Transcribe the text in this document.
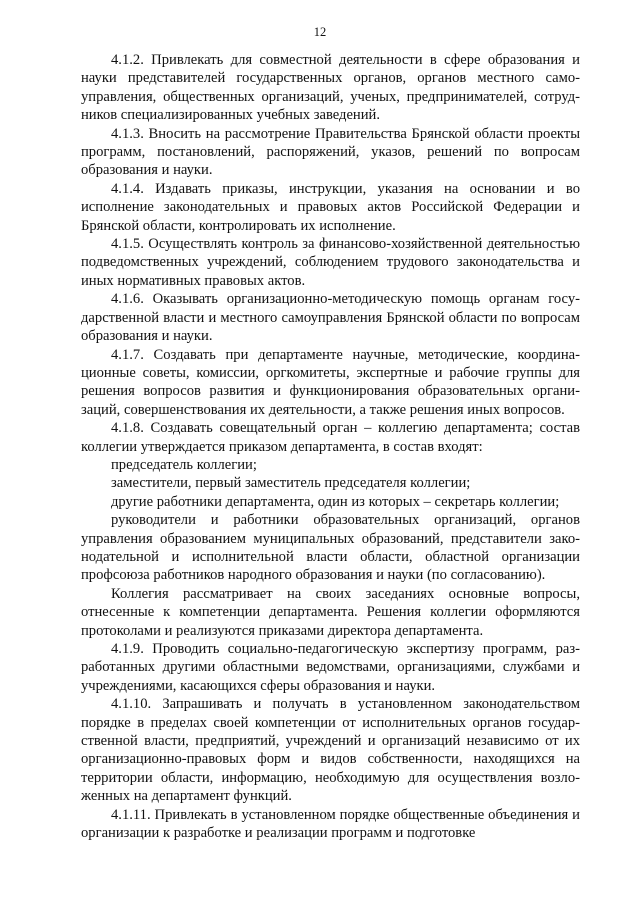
12

4.1.2. Привлекать для совместной деятельности в сфере образования и науки представителей государственных органов, органов местного самоуправления, общественных организаций, ученых, предпринимателей, сотрудников специализированных учебных заведений.

4.1.3. Вносить на рассмотрение Правительства Брянской области проекты программ, постановлений, распоряжений, указов, решений по вопросам образования и науки.

4.1.4. Издавать приказы, инструкции, указания на основании и во исполнение законодательных и правовых актов Российской Федерации и Брянской области, контролировать их исполнение.

4.1.5. Осуществлять контроль за финансово-хозяйственной деятельностью подведомственных учреждений, соблюдением трудового законодательства и иных нормативных правовых актов.

4.1.6. Оказывать организационно-методическую помощь органам государственной власти и местного самоуправления Брянской области по вопросам образования и науки.

4.1.7. Создавать при департаменте научные, методические, координационные советы, комиссии, оргкомитеты, экспертные и рабочие группы для решения вопросов развития и функционирования образовательных организаций, совершенствования их деятельности, а также решения иных вопросов.

4.1.8. Создавать совещательный орган – коллегию департамента; состав коллегии утверждается приказом департамента, в состав входят:

председатель коллегии;

заместители, первый заместитель председателя коллегии;

другие работники департамента, один из которых – секретарь коллегии;

руководители и работники образовательных организаций, органов управления образованием муниципальных образований, представители законодательной и исполнительной власти области, областной организации профсоюза работников народного образования и науки (по согласованию).

Коллегия рассматривает на своих заседаниях основные вопросы, отнесенные к компетенции департамента. Решения коллегии оформляются протоколами и реализуются приказами директора департамента.

4.1.9. Проводить социально-педагогическую экспертизу программ, разработанных другими областными ведомствами, организациями, службами и учреждениями, касающихся сферы образования и науки.

4.1.10. Запрашивать и получать в установленном законодательством порядке в пределах своей компетенции от исполнительных органов государственной власти, предприятий, учреждений и организаций независимо от их организационно-правовых форм и видов собственности, находящихся на территории области, информацию, необходимую для осуществления возложенных на департамент функций.

4.1.11. Привлекать в установленном порядке общественные объединения и организации к разработке и реализации программ и подготовке
